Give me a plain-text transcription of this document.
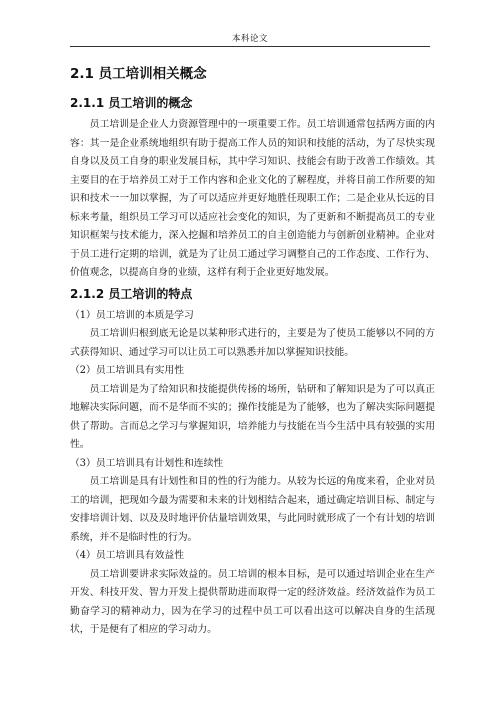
本科论文
2.1 员工培训相关概念
2.1.1 员工培训的概念

员工培训是企业人力资源管理中的一项重要工作。员工培训通常包括两方面的内容：其一是企业系统地组织有助于提高工作人员的知识和技能的活动，为了尽快实现自身以及员工自身的职业发展目标，其中学习知识、技能会有助于改善工作绩效。其主要目的在于培养员工对于工作内容和企业文化的了解程度，并将目前工作所要的知识和技术一一加以掌握，为了可以适应并更好地胜任现职工作；二是企业从长远的目标来考量，组织员工学习可以适应社会变化的知识，为了更新和不断提高员工的专业知识框架与技术能力，深入挖掘和培养员工的自主创造能力与创新创业精神。企业对于员工进行定期的培训，就是为了让员工通过学习调整自己的工作态度、工作行为、价值观念，以提高自身的业绩，这样有利于企业更好地发展。

2.1.2 员工培训的特点
（1）员工培训的本质是学习

员工培训归根到底无论是以某种形式进行的，主要是为了使员工能够以不同的方式获得知识、通过学习可以让员工可以熟悉并加以掌握知识技能。

（2）员工培训具有实用性

员工培训是为了给知识和技能提供传扬的场所，钻研和了解知识是为了可以真正地解决实际问题，而不是华而不实的；操作技能是为了能够，也为了解决实际问题提供了帮助。言而总之学习与掌握知识，培养能力与技能在当今生活中具有较强的实用性。

（3）员工培训具有计划性和连续性

员工培训是具有计划性和目的性的行为能力。从较为长远的角度来看，企业对员工的培训，把现如今最为需要和未来的计划相结合起来，通过确定培训目标、制定与安排培训计划、以及及时地评价估量培训效果，与此同时就形成了一个有计划的培训系统，并不是临时性的行为。

（4）员工培训具有效益性

员工培训要讲求实际效益的。员工培训的根本目标，是可以通过培训企业在生产开发、科技开发、智力开发上提供帮助进而取得一定的经济效益。经济效益作为员工勤奋学习的精神动力，因为在学习的过程中员工可以看出这可以解决自身的生活现状，于是便有了相应的学习动力。
